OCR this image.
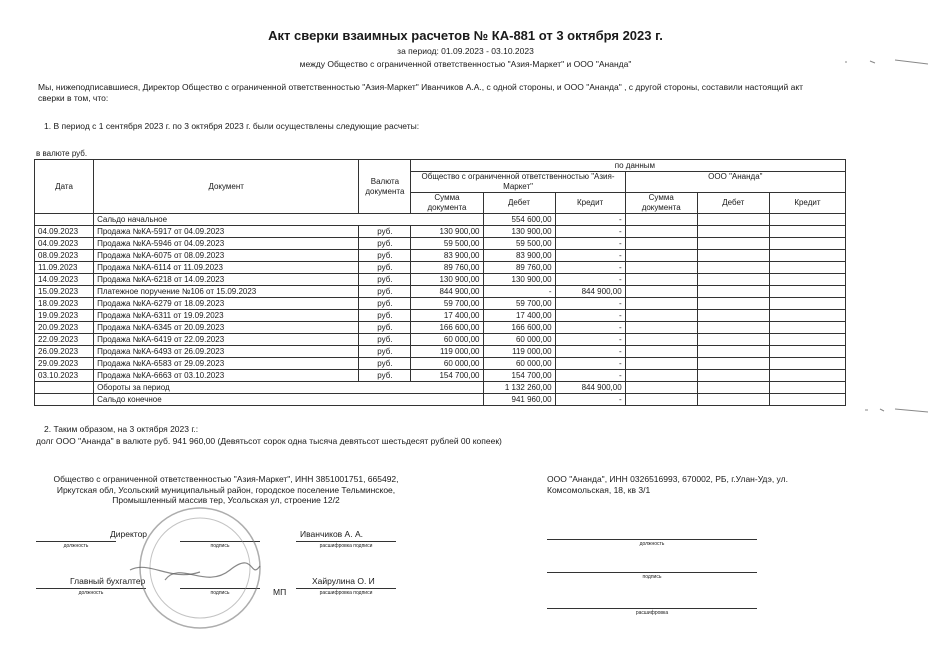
Акт сверки взаимных расчетов № КА-881 от 3 октября 2023 г.
за период: 01.09.2023 - 03.10.2023
между Общество с ограниченной ответственностью "Азия-Маркет" и ООО "Ананда"
Мы, нижеподписавшиеся, Директор Общество с ограниченной ответственностью "Азия-Маркет" Иванчиков А.А., с одной стороны, и ООО "Ананда" , с другой стороны, составили настоящий акт сверки в том, что:
1. В период с 1 сентября 2023 г. по 3 октября 2023 г. были осуществлены следующие расчеты:
в валюте руб.
Дата	Документ	Валюта документа	по данным					
			Общество с ограниченной ответственностью "Азия-Маркет"			ООО "Ананда"		
			Сумма документа	Дебет	Кредит	Сумма документа	Дебет	Кредит
	Сальдо начальное			554 600,00	-			
04.09.2023	Продажа №КА-5917 от 04.09.2023	руб.	130 900,00	130 900,00	-			
04.09.2023	Продажа №КА-5946 от 04.09.2023	руб.	59 500,00	59 500,00	-			
08.09.2023	Продажа №КА-6075 от 08.09.2023	руб.	83 900,00	83 900,00	-			
11.09.2023	Продажа №КА-6114 от 11.09.2023	руб.	89 760,00	89 760,00	-			
14.09.2023	Продажа №КА-6218 от 14.09.2023	руб.	130 900,00	130 900,00	-			
15.09.2023	Платежное поручение №106 от 15.09.2023	руб.	844 900,00	-	844 900,00			
18.09.2023	Продажа №КА-6279 от 18.09.2023	руб.	59 700,00	59 700,00	-			
19.09.2023	Продажа №КА-6311 от 19.09.2023	руб.	17 400,00	17 400,00	-			
20.09.2023	Продажа №КА-6345 от 20.09.2023	руб.	166 600,00	166 600,00	-			
22.09.2023	Продажа №КА-6419 от 22.09.2023	руб.	60 000,00	60 000,00	-			
26.09.2023	Продажа №КА-6493 от 26.09.2023	руб.	119 000,00	119 000,00	-			
29.09.2023	Продажа №КА-6583 от 29.09.2023	руб.	60 000,00	60 000,00	-			
03.10.2023	Продажа №КА-6663 от 03.10.2023	руб.	154 700,00	154 700,00	-			
	Обороты за период			1 132 260,00	844 900,00			
	Сальдо конечное			941 960,00	-			
2. Таким образом, на 3 октября 2023 г.:
долг ООО "Ананда" в валюте руб. 941 960,00 (Девятьсот сорок одна тысяча девятьсот шестьдесят рублей 00 копеек)
Общество с ограниченной ответственностью "Азия-Маркет", ИНН 3851001751, 665492, Иркутская обл, Усольский муниципальный район, городское поселение Тельминское, Промышленный массив тер, Усольская ул, строение 12/2
ООО "Ананда", ИНН 0326516993, 670002, РБ, г.Улан-Удэ, ул. Комсомольская, 18, кв 3/1
Директор	Иванчиков А. А.
должность	подпись	расшифровка подписи
Главный бухгалтер	Хайрулина О. И
должность	подпись	расшифровка подписи
МП
должность
подпись
расшифровка
